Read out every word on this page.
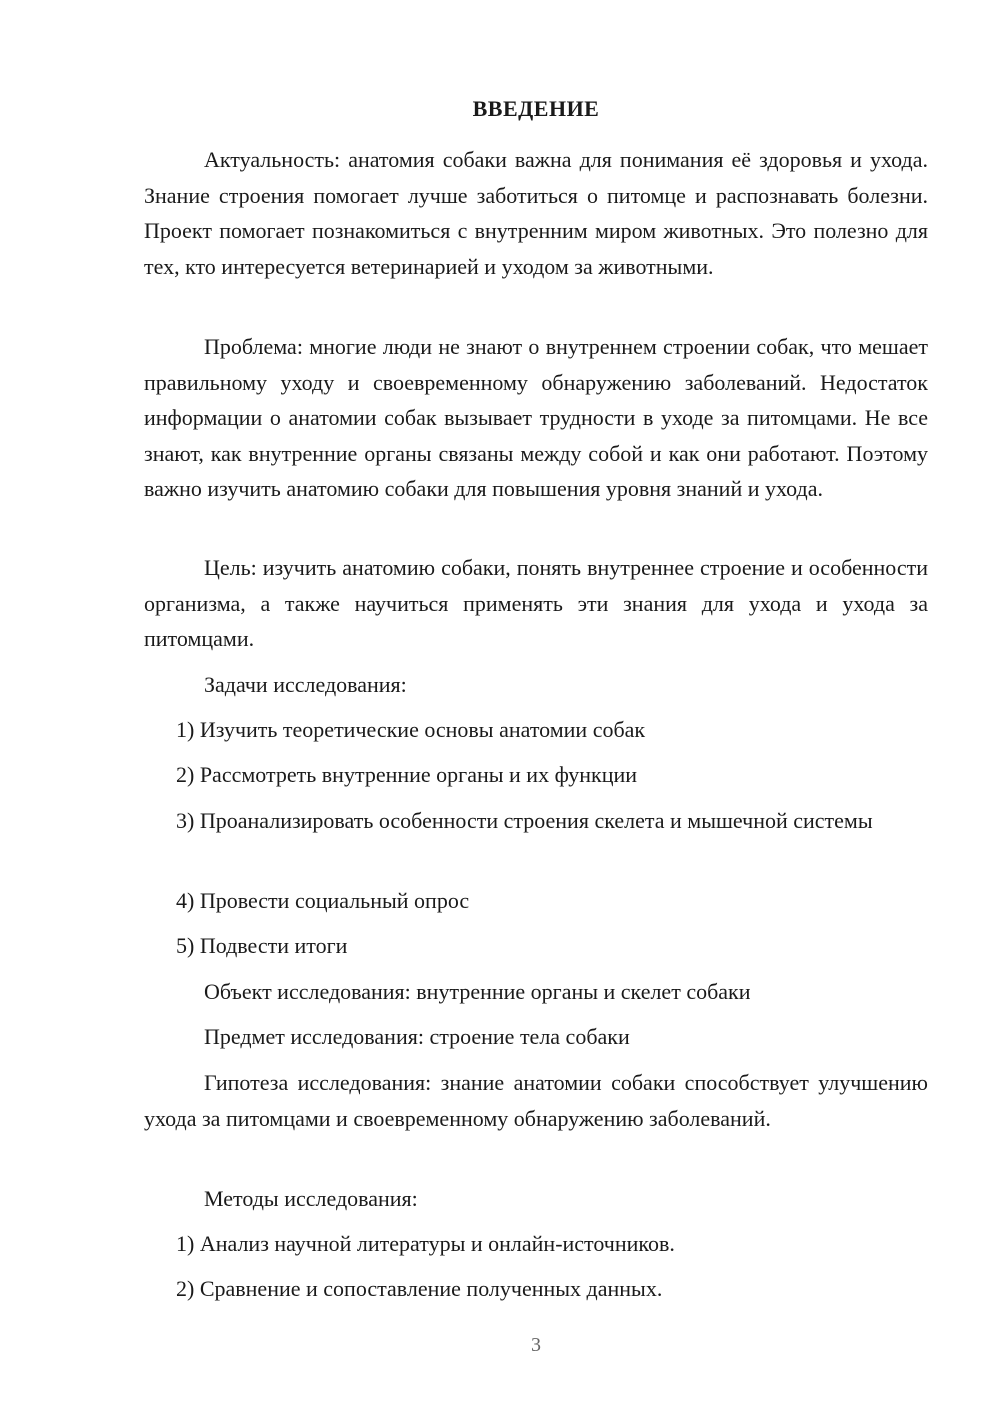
ВВЕДЕНИЕ

Актуальность: анатомия собаки важна для понимания её здоровья и ухода. Знание строения помогает лучше заботиться о питомце и распознавать болезни. Проект помогает познакомиться с внутренним миром животных. Это полезно для тех, кто интересуется ветеринарией и уходом за животными.

Проблема: многие люди не знают о внутреннем строении собак, что мешает правильному уходу и своевременному обнаружению заболеваний. Недостаток информации о анатомии собак вызывает трудности в уходе за питомцами. Не все знают, как внутренние органы связаны между собой и как они работают. Поэтому важно изучить анатомию собаки для повышения уровня знаний и ухода.

Цель: изучить анатомию собаки, понять внутреннее строение и особенности организма, а также научиться применять эти знания для ухода и ухода за питомцами.

Задачи исследования:

1) Изучить теоретические основы анатомии собак

2) Рассмотреть внутренние органы и их функции

3) Проанализировать особенности строения скелета и мышечной системы

4) Провести социальный опрос

5) Подвести итоги

Объект исследования: внутренние органы и скелет собаки

Предмет исследования: строение тела собаки

Гипотеза исследования: знание анатомии собаки способствует улучшению ухода за питомцами и своевременному обнаружению заболеваний.

Методы исследования:

1) Анализ научной литературы и онлайн-источников.

2) Сравнение и сопоставление полученных данных.

3
